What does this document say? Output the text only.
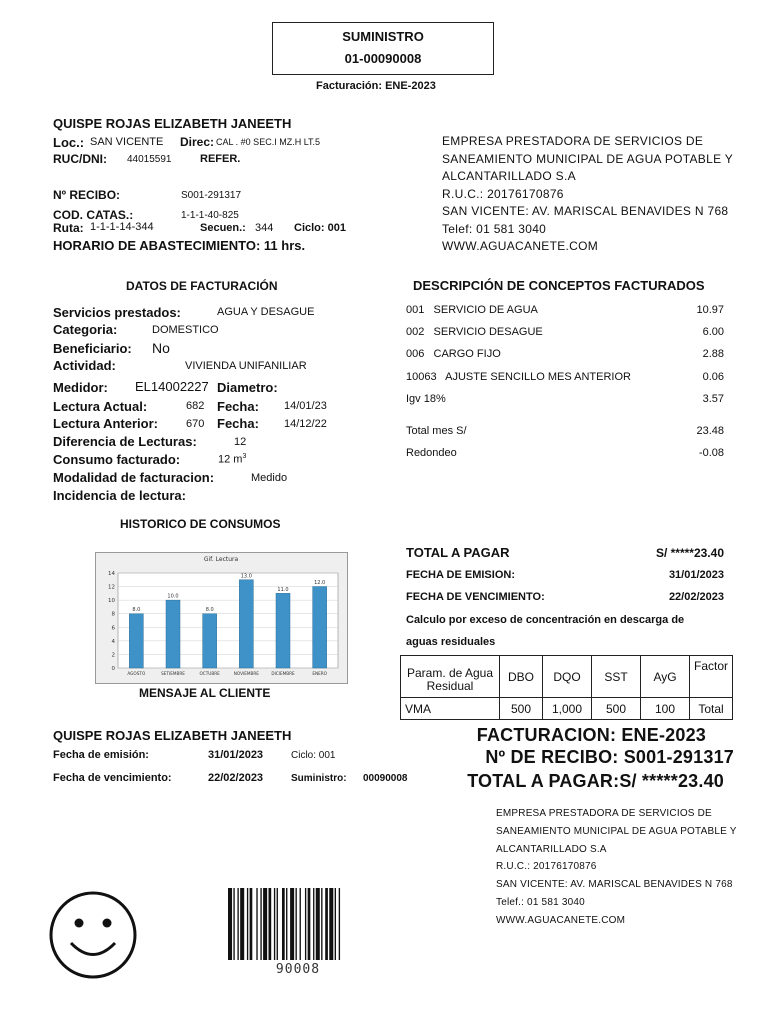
SUMINISTRO
01-00090008
Facturación: ENE-2023
QUISPE ROJAS ELIZABETH JANEETH
Loc.: SAN VICENTE Direc: CAL . #0 SEC.I MZ.H LT.5
RUC/DNI: 44015591	REFER.
Nº RECIBO:	S001-291317
COD. CATAS.:	1-1-1-40-825
Ruta: 1-1-1-14-344	Secuen.: 344 Ciclo: 001
HORARIO DE ABASTECIMIENTO: 11 hrs.
EMPRESA PRESTADORA DE SERVICIOS DE
SANEAMIENTO MUNICIPAL DE AGUA POTABLE Y
ALCANTARILLADO S.A
R.U.C.: 20176170876
SAN VICENTE: AV. MARISCAL BENAVIDES N 768
Telef: 01 581 3040
WWW.AGUACANETE.COM
DATOS DE FACTURACIÓN	DESCRIPCIÓN DE CONCEPTOS FACTURADOS
Servicios prestados:	AGUA Y DESAGUE
Categoria:	DOMESTICO
Beneficiario: No
Actividad:	VIVIENDA UNIFANILIAR
Medidor: EL14002227 Diametro:
Lectura Actual:	682 Fecha: 14/01/23
Lectura Anterior:	670 Fecha: 14/12/22
Diferencia de Lecturas:	12
Consumo facturado:	12 $m^3$
Modalidad de facturacion:	Medido
Incidencia de lectura:
001   SERVICIO DE AGUA	10.97
002   SERVICIO DESAGUE	6.00
006   CARGO FIJO	2.88
10063   AJUSTE SENCILLO MES ANTERIOR	0.06
Igv 18%	3.57
Total mes S/	23.48
Redondeo	-0.08
HISTORICO DE CONSUMOS
Gif. Lectura
0
2
4
6
8
10
12
14
8.0
AGOSTO
10.0
SETIEMBRE
8.0
OCTUBRE
13.0
NOVIEMBRE
11.0
DICIEMBRE
12.0
ENERO
MENSAJE AL CLIENTE
TOTAL A PAGAR	S/ *****23.40
FECHA DE EMISION:	31/01/2023
FECHA DE VENCIMIENTO:	22/02/2023
Calculo por exceso de concentración en descarga de
aguas residuales
Param. de Agua Residual	DBO	DQO	SST	AyG	Factor
VMA	500	1,000	500	100	Total
QUISPE ROJAS ELIZABETH JANEETH
Fecha de emisión:	31/01/2023	Ciclo: 001
Fecha de vencimiento:	22/02/2023	Suministro: 00090008
FACTURACION: ENE-2023
Nº DE RECIBO: S001-291317
TOTAL A PAGAR:S/ *****23.40
EMPRESA PRESTADORA DE SERVICIOS DE
SANEAMIENTO MUNICIPAL DE AGUA POTABLE Y
ALCANTARILLADO S.A
R.U.C.: 20176170876
SAN VICENTE: AV. MARISCAL BENAVIDES N 768
Telef.: 01 581 3040
WWW.AGUACANETE.COM
90008
